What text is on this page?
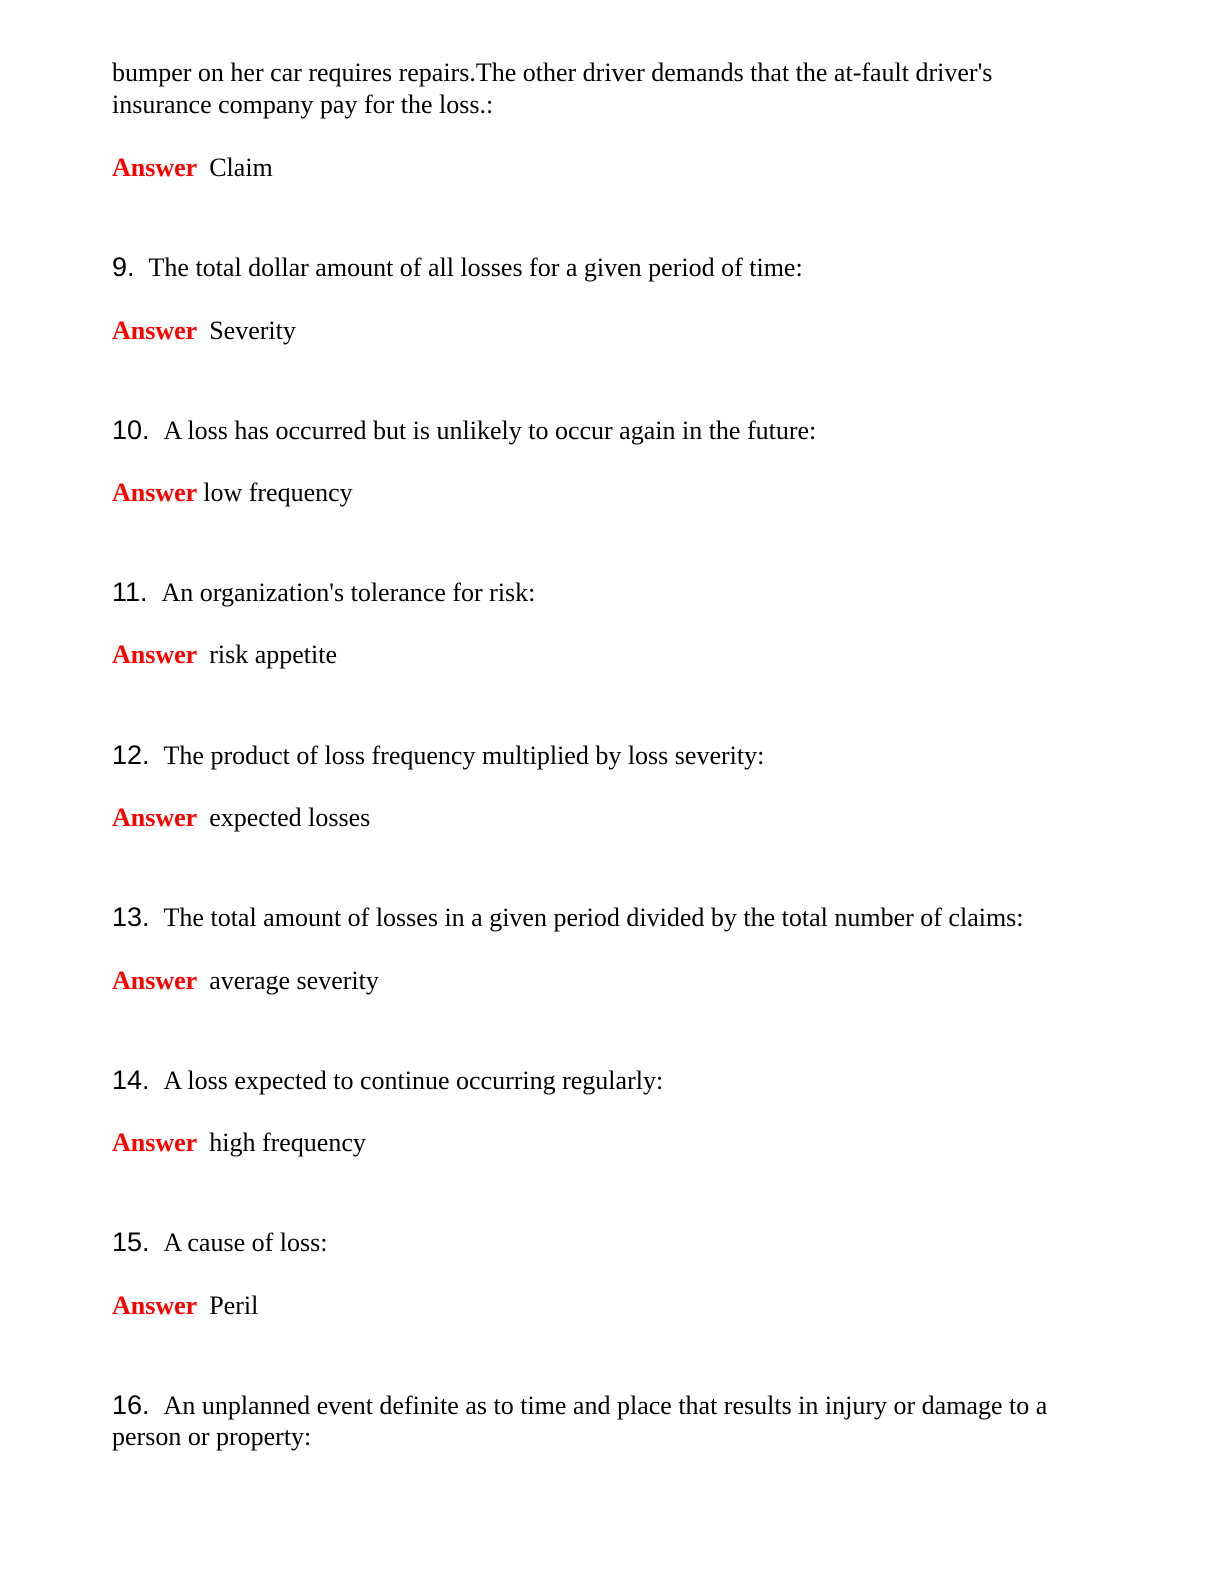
bumper on her car requires repairs.The other driver demands that the at-fault driver's
insurance company pay for the loss.:
Answer Claim
9. The total dollar amount of all losses for a given period of time:
Answer Severity
10. A loss has occurred but is unlikely to occur again in the future:
Answer low frequency
11. An organization's tolerance for risk:
Answer risk appetite
12. The product of loss frequency multiplied by loss severity:
Answer expected losses
13. The total amount of losses in a given period divided by the total number of claims:
Answer average severity
14. A loss expected to continue occurring regularly:
Answer high frequency
15. A cause of loss:
Answer Peril
16. An unplanned event definite as to time and place that results in injury or damage to a
person or property:
